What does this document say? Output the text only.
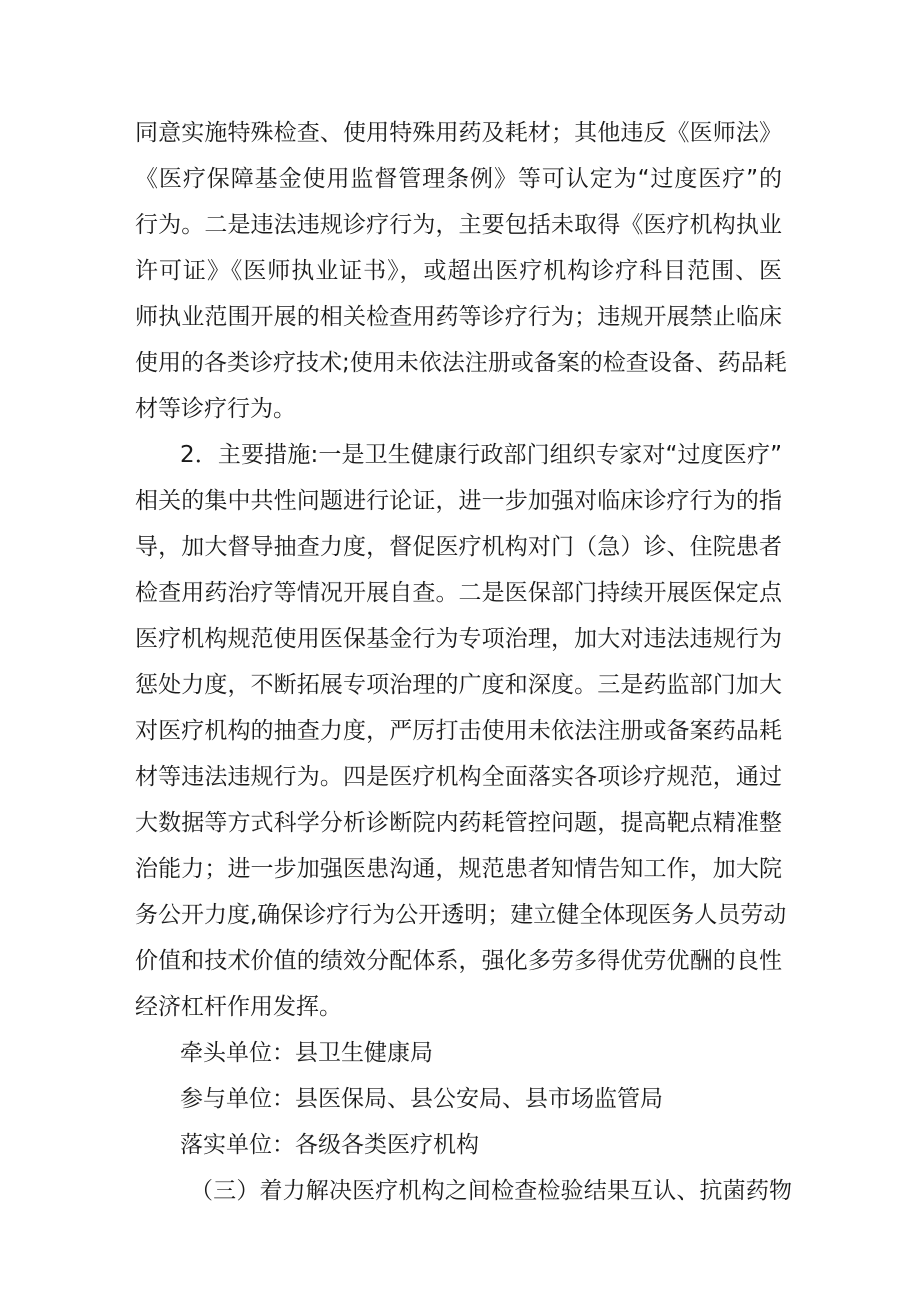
同意实施特殊检查、使用特殊用药及耗材；其他违反《医师法》
《医疗保障基金使用监督管理条例》等可认定为“过度医疗”的
行为。二是违法违规诊疗行为，主要包括未取得《医疗机构执业
许可证》《医师执业证书》，或超出医疗机构诊疗科目范围、医
师执业范围开展的相关检查用药等诊疗行为；违规开展禁止临床
使用的各类诊疗技术;使用未依法注册或备案的检查设备、药品耗
材等诊疗行为。
2．主要措施:一是卫生健康行政部门组织专家对“过度医疗”
相关的集中共性问题进行论证，进一步加强对临床诊疗行为的指
导，加大督导抽查力度，督促医疗机构对门（急）诊、住院患者
检查用药治疗等情况开展自查。二是医保部门持续开展医保定点
医疗机构规范使用医保基金行为专项治理，加大对违法违规行为
惩处力度，不断拓展专项治理的广度和深度。三是药监部门加大
对医疗机构的抽查力度，严厉打击使用未依法注册或备案药品耗
材等违法违规行为。四是医疗机构全面落实各项诊疗规范，通过
大数据等方式科学分析诊断院内药耗管控问题，提高靶点精准整
治能力；进一步加强医患沟通，规范患者知情告知工作，加大院
务公开力度,确保诊疗行为公开透明；建立健全体现医务人员劳动
价值和技术价值的绩效分配体系，强化多劳多得优劳优酬的良性
经济杠杆作用发挥。
牵头单位：县卫生健康局
参与单位：县医保局、县公安局、县市场监管局
落实单位：各级各类医疗机构
（三）着力解决医疗机构之间检查检验结果互认、抗菌药物
